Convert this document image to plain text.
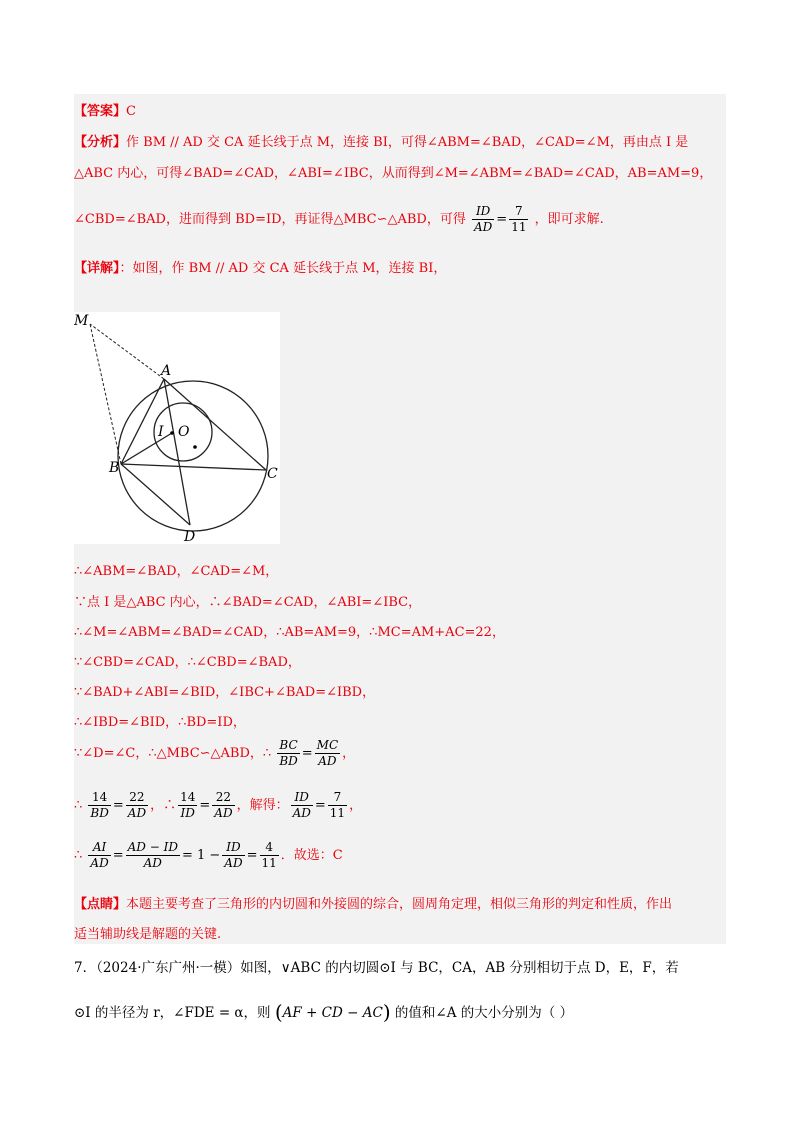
【答案】C
【分析】作 BM // AD 交 CA 延长线于点 M，连接 BI，可得∠ABM=∠BAD，∠CAD=∠M，再由点 I 是
△ABC 内心，可得∠BAD=∠CAD，∠ABI=∠IBC，从而得到∠M=∠ABM=∠BAD=∠CAD，AB=AM=9，
∠CBD=∠BAD，进而得到 BD=ID，再证得△MBC∽△ABD，可得 $\frac{ID}{AD} = \frac{7}{11}$ ，即可求解.
【详解】：如图，作 BM // AD 交 CA 延长线于点 M，连接 BI，
M
A
I O
B	C
D
∴∠ABM=∠BAD，∠CAD=∠M，
∵点 I 是△ABC 内心，∴∠BAD=∠CAD，∠ABI=∠IBC，
∴∠M=∠ABM=∠BAD=∠CAD，∴AB=AM=9，∴MC=AM+AC=22，
∵∠CBD=∠CAD，∴∠CBD=∠BAD，
∵∠BAD+∠ABI=∠BID，∠IBC+∠BAD=∠IBD，
∴∠IBD=∠BID，∴BD=ID，
∵∠D=∠C，∴△MBC∽△ABD，∴ $\frac{BC}{BD} = \frac{MC}{AD}$ ，
∴ $\frac{14}{BD} = \frac{22}{AD}$ ，∴ $\frac{14}{ID} = \frac{22}{AD}$ ，解得： $\frac{ID}{AD} = \frac{7}{11}$ ，
∴ $\frac{AI}{AD} = \frac{AD - ID}{AD} = 1 - \frac{ID}{AD} = \frac{4}{11}$ ．故选：C
【点睛】本题主要考查了三角形的内切圆和外接圆的综合，圆周角定理，相似三角形的判定和性质，作出
适当辅助线是解题的关键.
7．（2024·广东广州·一模）如图，∨ABC 的内切圆⊙I 与 BC，CA，AB 分别相切于点 D，E，F，若
⊙I 的半径为 r，∠FDE = α，则 (AF + CD − AC) 的值和∠A 的大小分别为（ ）
